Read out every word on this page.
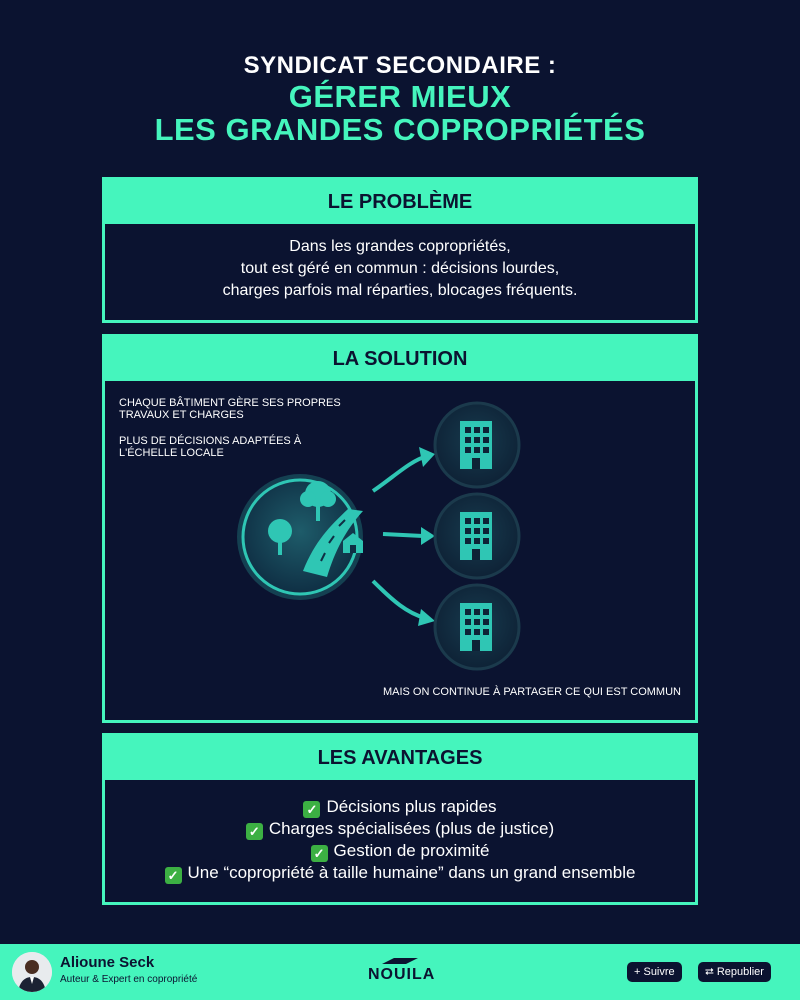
SYNDICAT SECONDAIRE :
GÉRER MIEUX
LES GRANDES COPROPRIÉTÉS
LE PROBLÈME
Dans les grandes copropriétés,
tout est géré en commun : décisions lourdes,
charges parfois mal réparties, blocages fréquents.
LA SOLUTION
CHAQUE BÂTIMENT GÈRE SES PROPRES TRAVAUX ET CHARGES
PLUS DE DÉCISIONS ADAPTÉES À L'ÉCHELLE LOCALE
MAIS ON CONTINUE À PARTAGER CE QUI EST COMMUN
LES AVANTAGES
✓ Décisions plus rapides
✓ Charges spécialisées (plus de justice)
✓ Gestion de proximité
✓ Une “copropriété à taille humaine” dans un grand ensemble
Alioune Seck
Auteur & Expert en copropriété	NOUILA	+ Suivre	⮂ Republier
